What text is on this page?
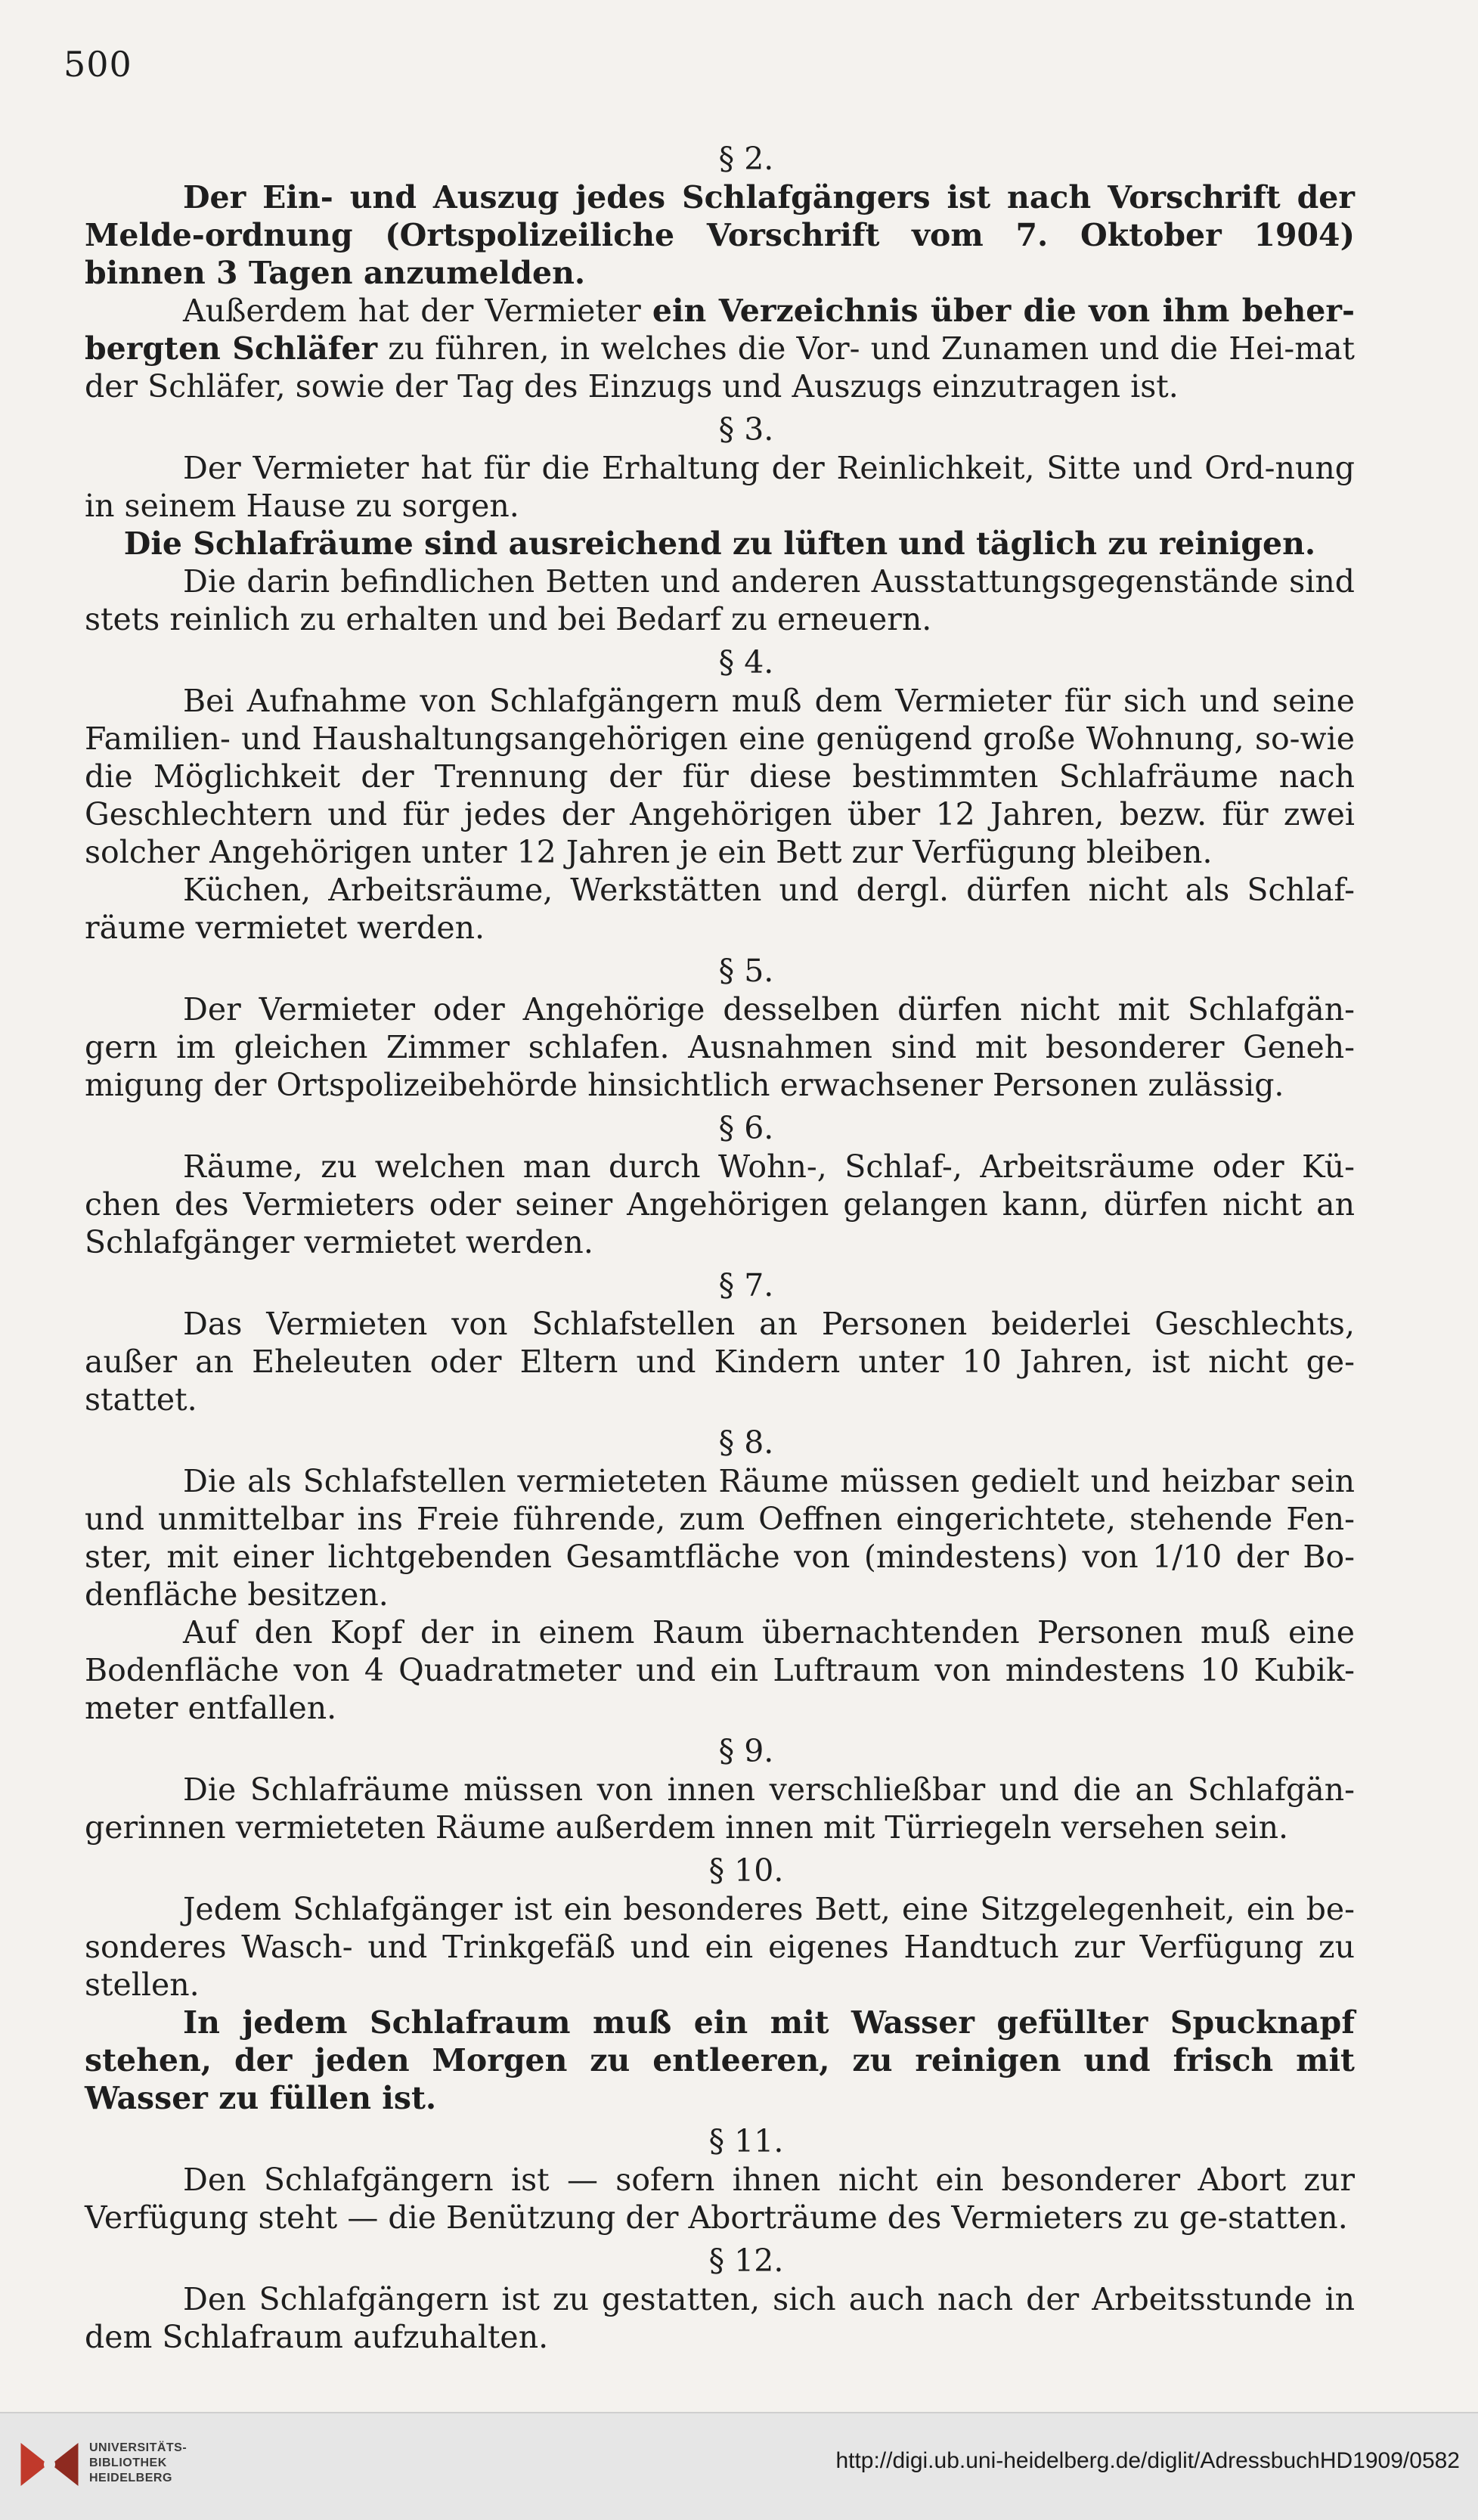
500
§ 2.

Der Ein- und Auszug jedes Schlafgängers ist nach Vorschrift der Melde-ordnung (Ortspolizeiliche Vorschrift vom 7. Oktober 1904) binnen 3 Tagen anzumelden.

Außerdem hat der Vermieter ein Verzeichnis über die von ihm beher-bergten Schläfer zu führen, in welches die Vor- und Zunamen und die Hei-mat der Schläfer, sowie der Tag des Einzugs und Auszugs einzutragen ist.

§ 3.

Der Vermieter hat für die Erhaltung der Reinlichkeit, Sitte und Ord-nung in seinem Hause zu sorgen.

Die Schlafräume sind ausreichend zu lüften und täglich zu reinigen.

Die darin befindlichen Betten und anderen Ausstattungsgegenstände sind stets reinlich zu erhalten und bei Bedarf zu erneuern.

§ 4.

Bei Aufnahme von Schlafgängern muß dem Vermieter für sich und seine Familien- und Haushaltungsangehörigen eine genügend große Wohnung, so-wie die Möglichkeit der Trennung der für diese bestimmten Schlafräume nach Geschlechtern und für jedes der Angehörigen über 12 Jahren, bezw. für zwei solcher Angehörigen unter 12 Jahren je ein Bett zur Verfügung bleiben.

Küchen, Arbeitsräume, Werkstätten und dergl. dürfen nicht als Schlaf-räume vermietet werden.

§ 5.

Der Vermieter oder Angehörige desselben dürfen nicht mit Schlafgän-gern im gleichen Zimmer schlafen. Ausnahmen sind mit besonderer Geneh-migung der Ortspolizeibehörde hinsichtlich erwachsener Personen zulässig.

§ 6.

Räume, zu welchen man durch Wohn-, Schlaf-, Arbeitsräume oder Kü-chen des Vermieters oder seiner Angehörigen gelangen kann, dürfen nicht an Schlafgänger vermietet werden.

§ 7.

Das Vermieten von Schlafstellen an Personen beiderlei Geschlechts, außer an Eheleuten oder Eltern und Kindern unter 10 Jahren, ist nicht ge-stattet.

§ 8.

Die als Schlafstellen vermieteten Räume müssen gedielt und heizbar sein und unmittelbar ins Freie führende, zum Oeffnen eingerichtete, stehende Fen-ster, mit einer lichtgebenden Gesamtfläche von (mindestens) von 1/10 der Bo-denfläche besitzen.

Auf den Kopf der in einem Raum übernachtenden Personen muß eine Bodenfläche von 4 Quadratmeter und ein Luftraum von mindestens 10 Kubik-meter entfallen.

§ 9.

Die Schlafräume müssen von innen verschließbar und die an Schlafgän-gerinnen vermieteten Räume außerdem innen mit Türriegeln versehen sein.

§ 10.

Jedem Schlafgänger ist ein besonderes Bett, eine Sitzgelegenheit, ein be-sonderes Wasch- und Trinkgefäß und ein eigenes Handtuch zur Verfügung zu stellen.

In jedem Schlafraum muß ein mit Wasser gefüllter Spucknapf stehen, der jeden Morgen zu entleeren, zu reinigen und frisch mit Wasser zu füllen ist.

§ 11.

Den Schlafgängern ist — sofern ihnen nicht ein besonderer Abort zur Verfügung steht — die Benützung der Aborträume des Vermieters zu ge-statten.

§ 12.

Den Schlafgängern ist zu gestatten, sich auch nach der Arbeitsstunde in dem Schlafraum aufzuhalten.

UNIVERSITÄTS-
BIBLIOTHEK
HEIDELBERG
http://digi.ub.uni-heidelberg.de/diglit/AdressbuchHD1909/0582
